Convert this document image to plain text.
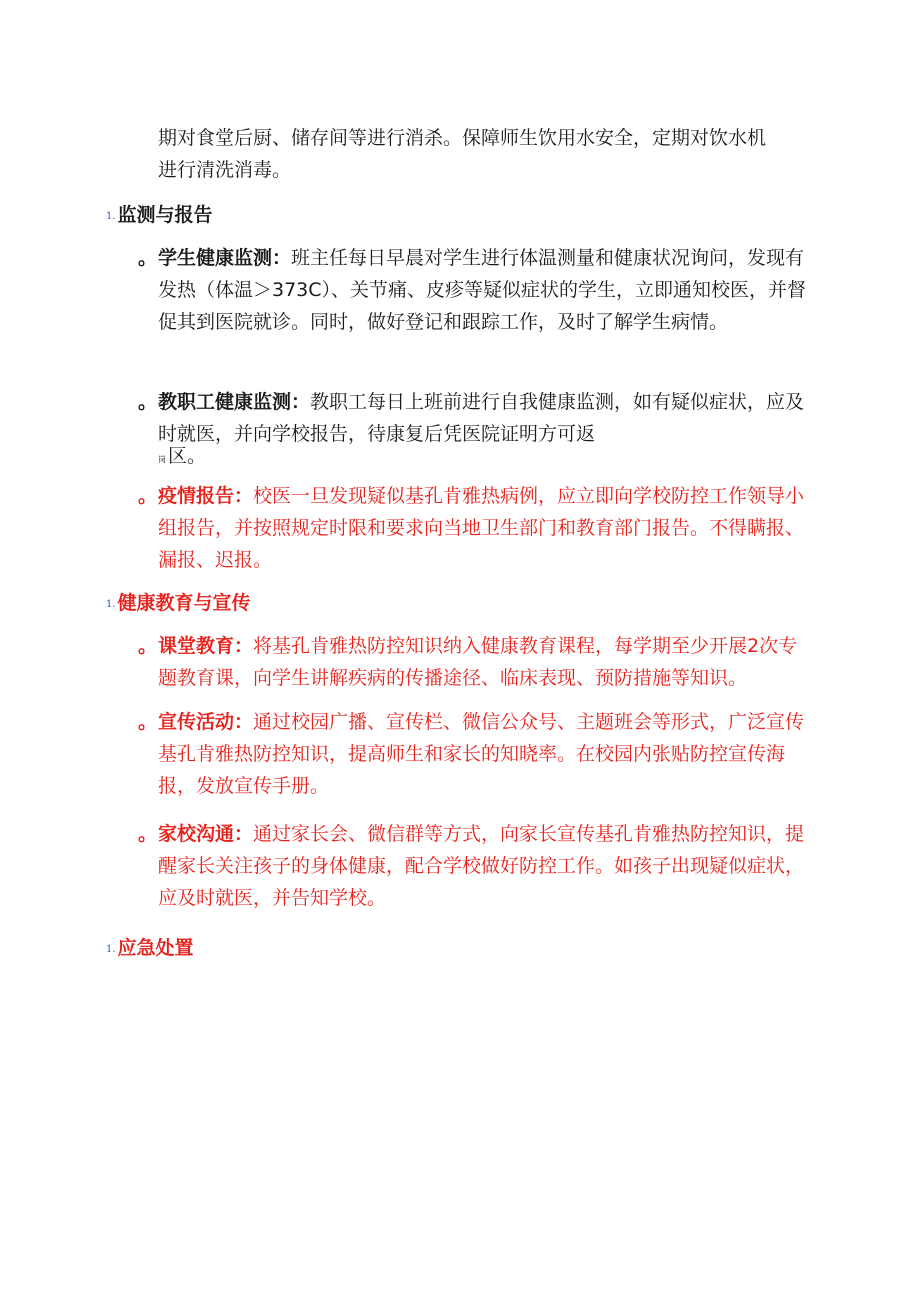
期对食堂后厨、储存间等进行消杀。保障师生饮用水安全，定期对饮水机
进行清洗消毒。
1. 监测与报告
。 学生健康监测：班主任每日早晨对学生进行体温测量和健康状况询问，发现有发热（体温＞373C）、关节痛、皮疹等疑似症状的学生，立即通知校医，并督促其到医院就诊。同时，做好登记和跟踪工作，及时了解学生病情。
。 教职工健康监测：教职工每日上班前进行自我健康监测，如有疑似症状，应及时就医，并向学校报告，待康复后凭医院证明方可返
岗 区。
。 疫情报告：校医一旦发现疑似基孔肯雅热病例，应立即向学校防控工作领导小组报告，并按照规定时限和要求向当地卫生部门和教育部门报告。不得瞒报、漏报、迟报。
1. 健康教育与宣传
。 课堂教育：将基孔肯雅热防控知识纳入健康教育课程，每学期至少开展2次专题教育课，向学生讲解疾病的传播途径、临床表现、预防措施等知识。
。 宣传活动：通过校园广播、宣传栏、微信公众号、主题班会等形式，广泛宣传基孔肯雅热防控知识，提高师生和家长的知晓率。在校园内张贴防控宣传海报，发放宣传手册。
。 家校沟通：通过家长会、微信群等方式，向家长宣传基孔肯雅热防控知识，提醒家长关注孩子的身体健康，配合学校做好防控工作。如孩子出现疑似症状，应及时就医，并告知学校。
1. 应急处置
